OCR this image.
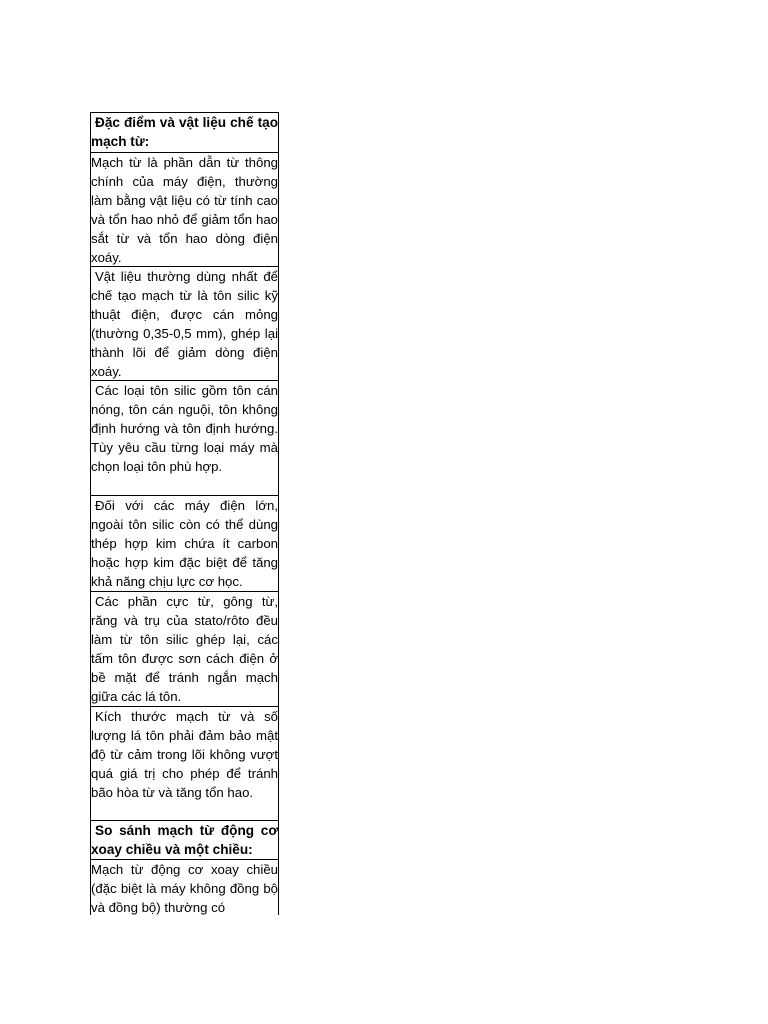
Đặc điểm và vật liệu chế tạo mạch từ:
Mạch từ là phần dẫn từ thông chính của máy điện, thường làm bằng vật liệu có từ tính cao và tổn hao nhỏ để giảm tổn hao sắt từ và tổn hao dòng điện xoáy.
Vật liệu thường dùng nhất để chế tạo mạch từ là tôn silic kỹ thuật điện, được cán mỏng (thường 0,35-0,5 mm), ghép lại thành lõi để giảm dòng điện xoáy.
Các loại tôn silic gồm tôn cán nóng, tôn cán nguội, tôn không định hướng và tôn định hướng. Tùy yêu cầu từng loại máy mà chọn loại tôn phù hợp.
Đối với các máy điện lớn, ngoài tôn silic còn có thể dùng thép hợp kim chứa ít carbon hoặc hợp kim đặc biệt để tăng khả năng chịu lực cơ học.
Các phần cực từ, gông từ, răng và trụ của stato/rôto đều làm từ tôn silic ghép lại, các tấm tôn được sơn cách điện ở bề mặt để tránh ngắn mạch giữa các lá tôn.
Kích thước mạch từ và số lượng lá tôn phải đảm bảo mật độ từ cảm trong lõi không vượt quá giá trị cho phép để tránh bão hòa từ và tăng tổn hao.
So sánh mạch từ động cơ xoay chiều và một chiều:
Mạch từ động cơ xoay chiều (đặc biệt là máy không đồng bộ và đồng bộ) thường có
